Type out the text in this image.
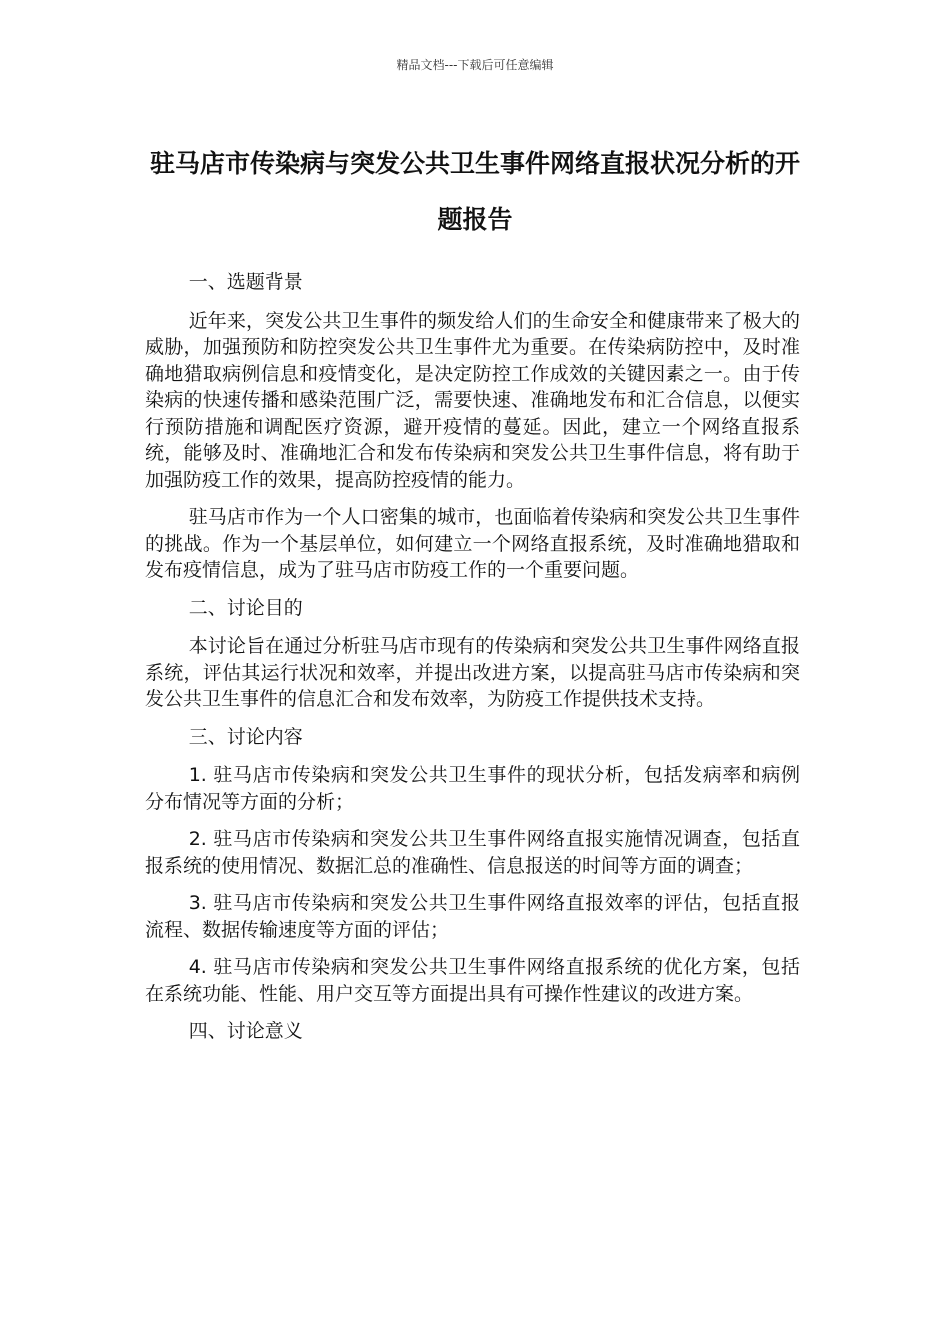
精品文档---下载后可任意编辑
驻马店市传染病与突发公共卫生事件网络直报状况分析的开题报告

一、选题背景

近年来，突发公共卫生事件的频发给人们的生命安全和健康带来了极大的威胁，加强预防和防控突发公共卫生事件尤为重要。在传染病防控中，及时准确地猎取病例信息和疫情变化，是决定防控工作成效的关键因素之一。由于传染病的快速传播和感染范围广泛，需要快速、准确地发布和汇合信息，以便实行预防措施和调配医疗资源，避开疫情的蔓延。因此，建立一个网络直报系统，能够及时、准确地汇合和发布传染病和突发公共卫生事件信息，将有助于加强防疫工作的效果，提高防控疫情的能力。

驻马店市作为一个人口密集的城市，也面临着传染病和突发公共卫生事件的挑战。作为一个基层单位，如何建立一个网络直报系统，及时准确地猎取和发布疫情信息，成为了驻马店市防疫工作的一个重要问题。

二、讨论目的

本讨论旨在通过分析驻马店市现有的传染病和突发公共卫生事件网络直报系统，评估其运行状况和效率，并提出改进方案，以提高驻马店市传染病和突发公共卫生事件的信息汇合和发布效率，为防疫工作提供技术支持。

三、讨论内容

1. 驻马店市传染病和突发公共卫生事件的现状分析，包括发病率和病例分布情况等方面的分析；

2. 驻马店市传染病和突发公共卫生事件网络直报实施情况调查，包括直报系统的使用情况、数据汇总的准确性、信息报送的时间等方面的调查；

3. 驻马店市传染病和突发公共卫生事件网络直报效率的评估，包括直报流程、数据传输速度等方面的评估；

4. 驻马店市传染病和突发公共卫生事件网络直报系统的优化方案，包括在系统功能、性能、用户交互等方面提出具有可操作性建议的改进方案。

四、讨论意义
